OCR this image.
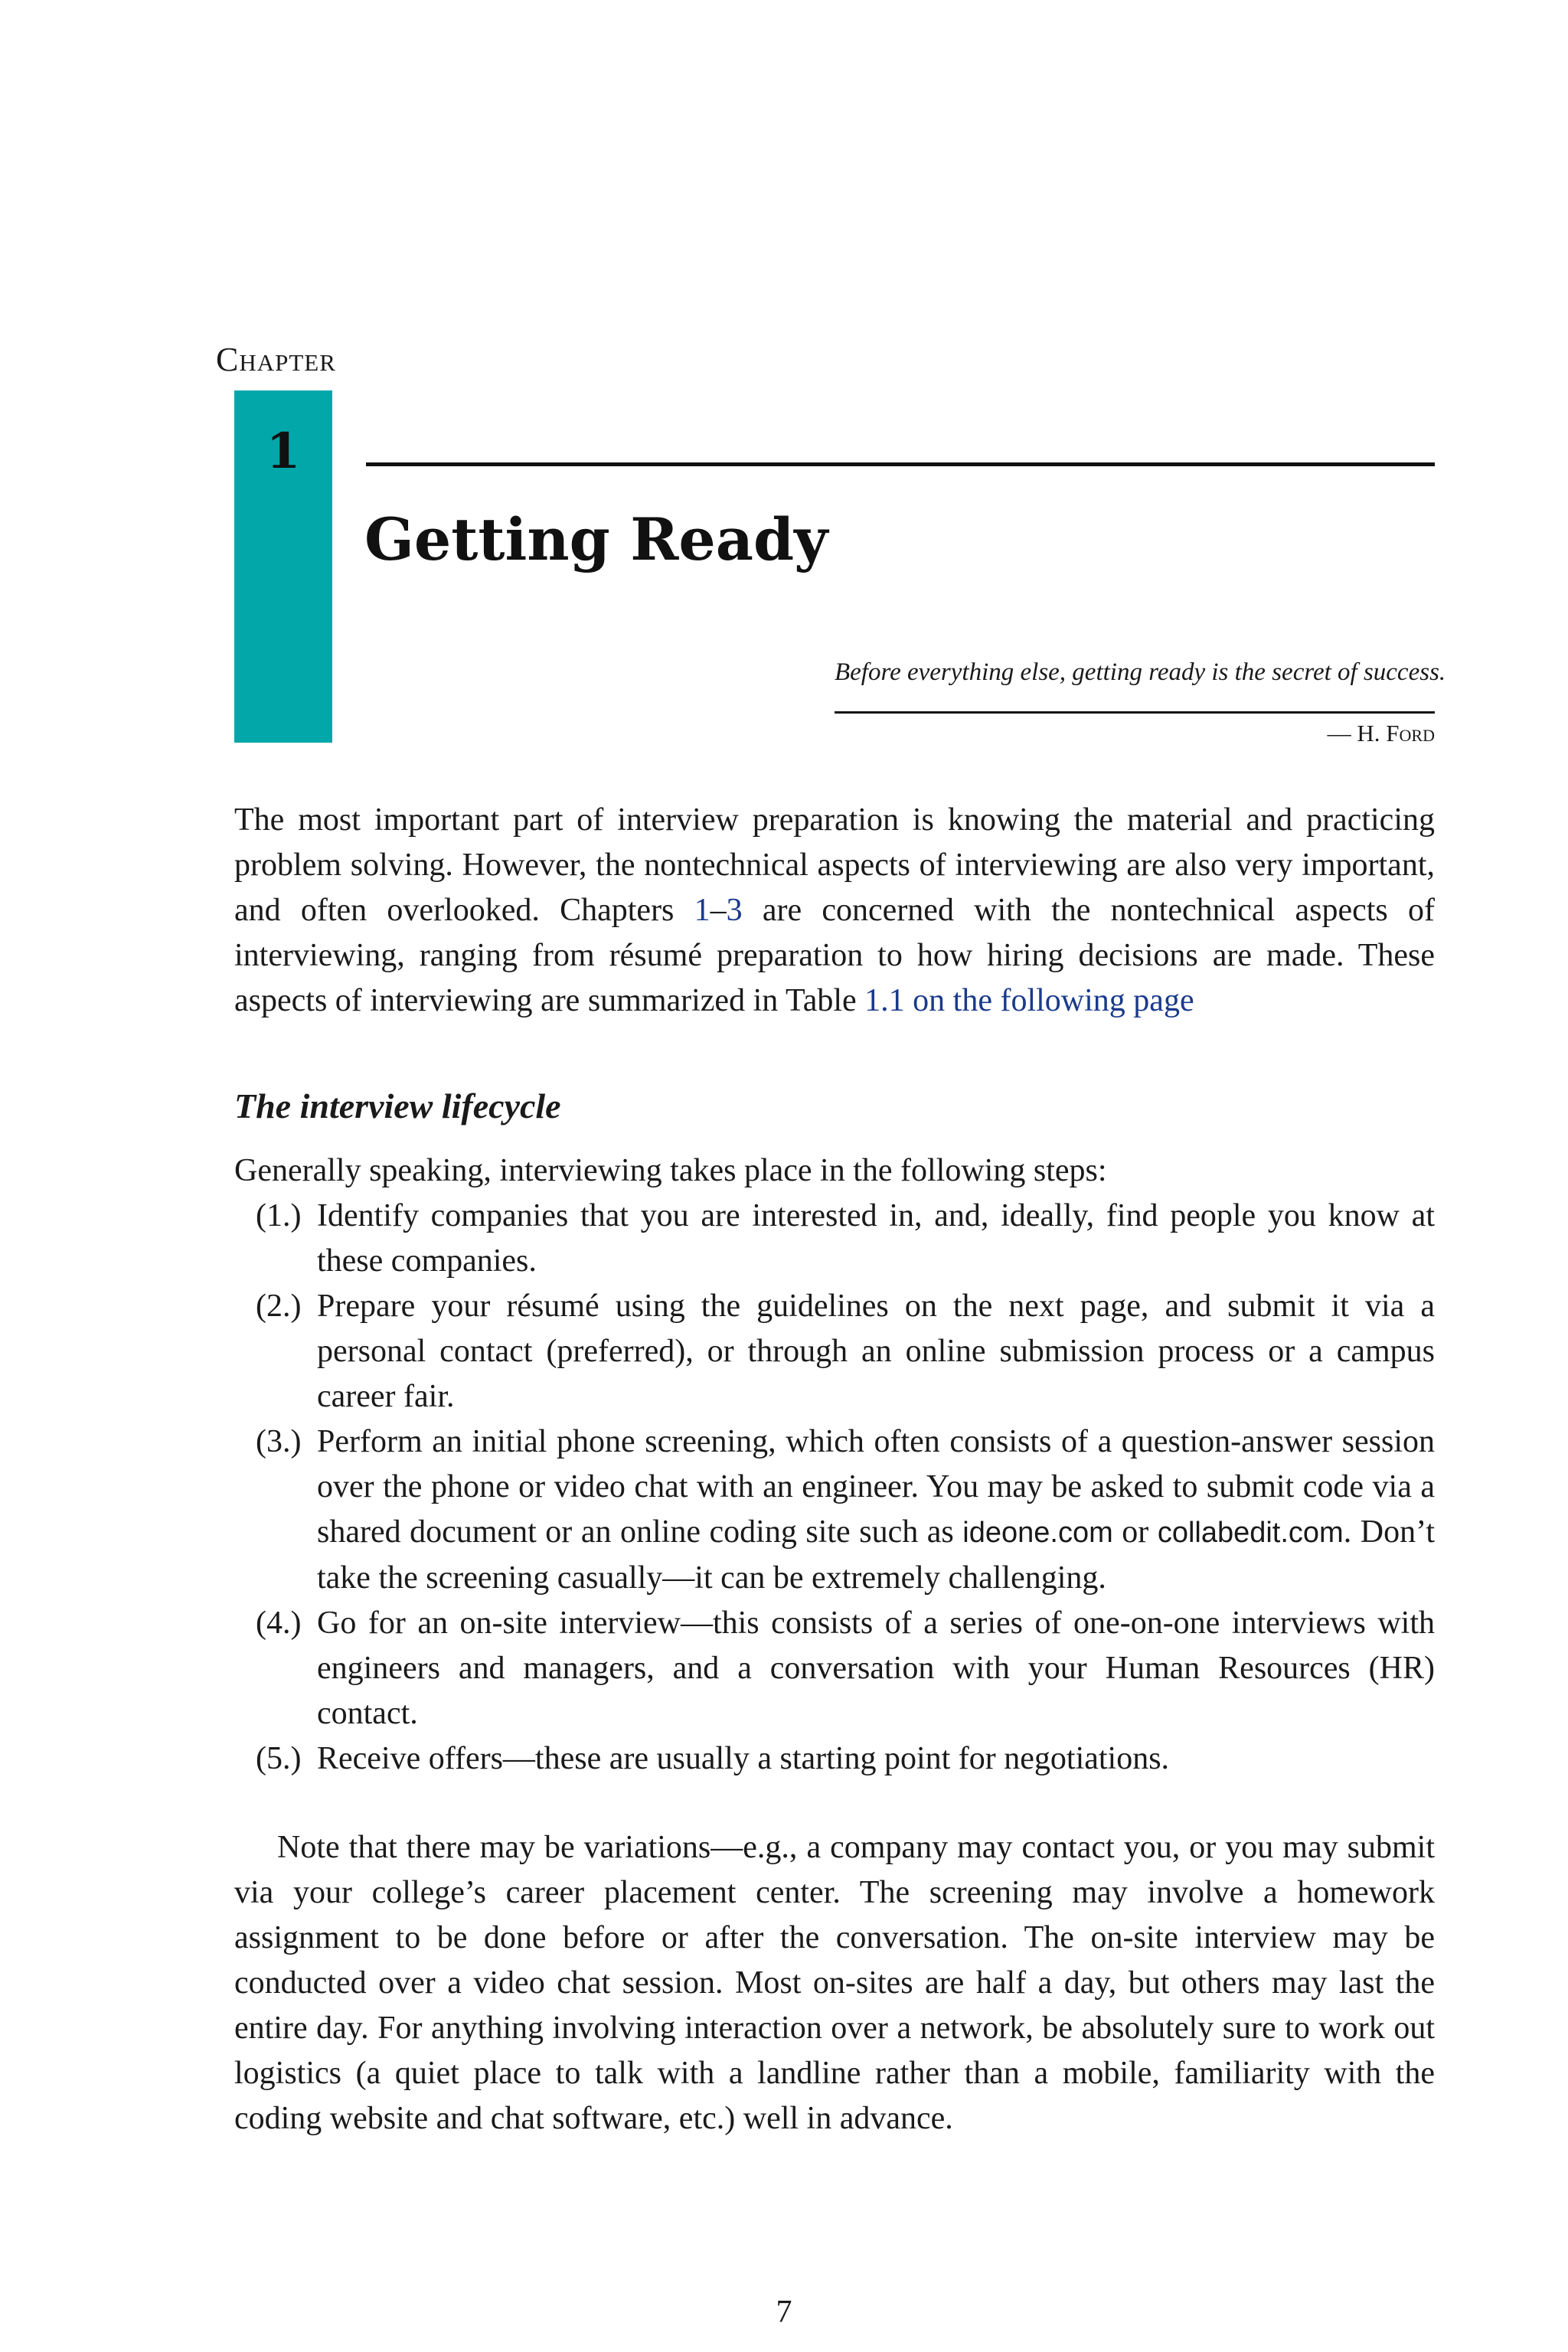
Chapter
1
Getting Ready
Before everything else, getting ready is the secret of success.
— H. Ford
The most important part of interview preparation is knowing the material and practicing problem solving. However, the nontechnical aspects of interviewing are also very important, and often overlooked. Chapters 1–3 are concerned with the nontechnical aspects of interviewing, ranging from résumé preparation to how hiring decisions are made. These aspects of interviewing are summarized in Table 1.1 on the following page
The interview lifecycle
Generally speaking, interviewing takes place in the following steps:
(1.) Identify companies that you are interested in, and, ideally, find people you know at these companies.
(2.) Prepare your résumé using the guidelines on the next page, and submit it via a personal contact (preferred), or through an online submission process or a campus career fair.
(3.) Perform an initial phone screening, which often consists of a question-answer session over the phone or video chat with an engineer. You may be asked to submit code via a shared document or an online coding site such as ideone.com or collabedit.com. Don’t take the screening casually—it can be extremely challenging.
(4.) Go for an on-site interview—this consists of a series of one-on-one interviews with engineers and managers, and a conversation with your Human Resources (HR) contact.
(5.) Receive offers—these are usually a starting point for negotiations.
Note that there may be variations—e.g., a company may contact you, or you may submit via your college’s career placement center. The screening may involve a homework assignment to be done before or after the conversation. The on-site interview may be conducted over a video chat session. Most on-sites are half a day, but others may last the entire day. For anything involving interaction over a network, be absolutely sure to work out logistics (a quiet place to talk with a landline rather than a mobile, familiarity with the coding website and chat software, etc.) well in advance.
7
